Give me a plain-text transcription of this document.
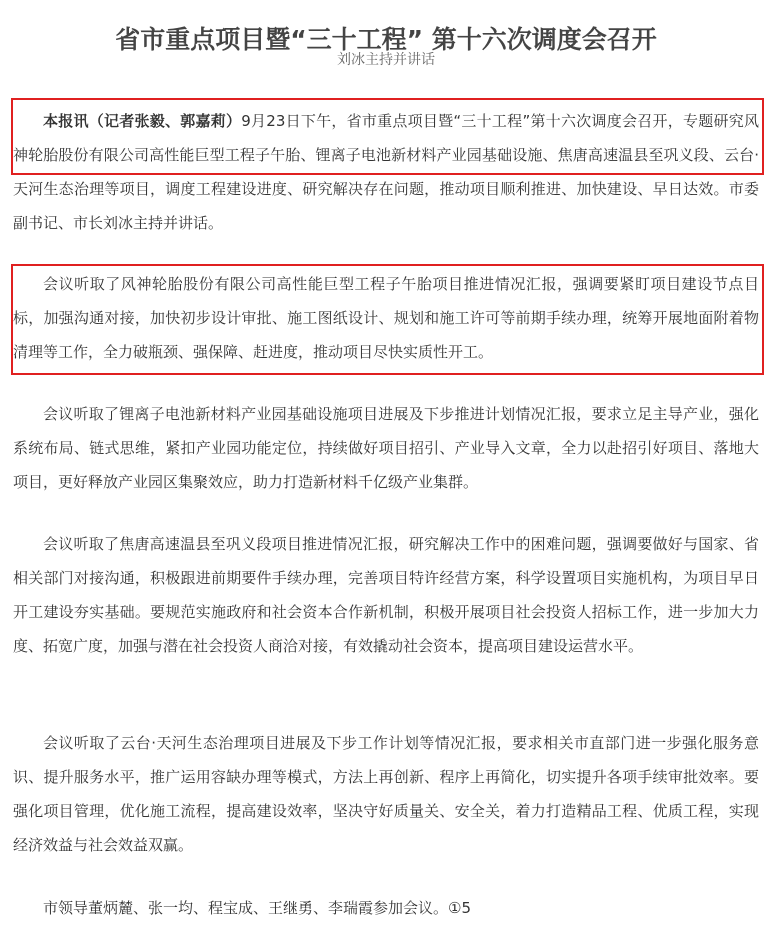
省市重点项目暨“三十工程” 第十六次调度会召开
刘冰主持并讲话

本报讯（记者张毅、郭嘉莉）9月23日下午，省市重点项目暨“三十工程”第十六次调度会召开，专题研究风神轮胎股份有限公司高性能巨型工程子午胎、锂离子电池新材料产业园基础设施、焦唐高速温县至巩义段、云台·天河生态治理等项目，调度工程建设进度、研究解决存在问题，推动项目顺利推进、加快建设、早日达效。市委副书记、市长刘冰主持并讲话。

会议听取了风神轮胎股份有限公司高性能巨型工程子午胎项目推进情况汇报，强调要紧盯项目建设节点目标，加强沟通对接，加快初步设计审批、施工图纸设计、规划和施工许可等前期手续办理，统筹开展地面附着物清理等工作，全力破瓶颈、强保障、赶进度，推动项目尽快实质性开工。

会议听取了锂离子电池新材料产业园基础设施项目进展及下步推进计划情况汇报，要求立足主导产业，强化系统布局、链式思维，紧扣产业园功能定位，持续做好项目招引、产业导入文章，全力以赴招引好项目、落地大项目，更好释放产业园区集聚效应，助力打造新材料千亿级产业集群。

会议听取了焦唐高速温县至巩义段项目推进情况汇报，研究解决工作中的困难问题，强调要做好与国家、省相关部门对接沟通，积极跟进前期要件手续办理，完善项目特许经营方案，科学设置项目实施机构，为项目早日开工建设夯实基础。要规范实施政府和社会资本合作新机制，积极开展项目社会投资人招标工作，进一步加大力度、拓宽广度，加强与潜在社会投资人商洽对接，有效撬动社会资本，提高项目建设运营水平。

会议听取了云台·天河生态治理项目进展及下步工作计划等情况汇报，要求相关市直部门进一步强化服务意识、提升服务水平，推广运用容缺办理等模式，方法上再创新、程序上再简化，切实提升各项手续审批效率。要强化项目管理，优化施工流程，提高建设效率，坚决守好质量关、安全关，着力打造精品工程、优质工程，实现经济效益与社会效益双赢。

市领导董炳麓、张一均、程宝成、王继勇、李瑞霞参加会议。①5
